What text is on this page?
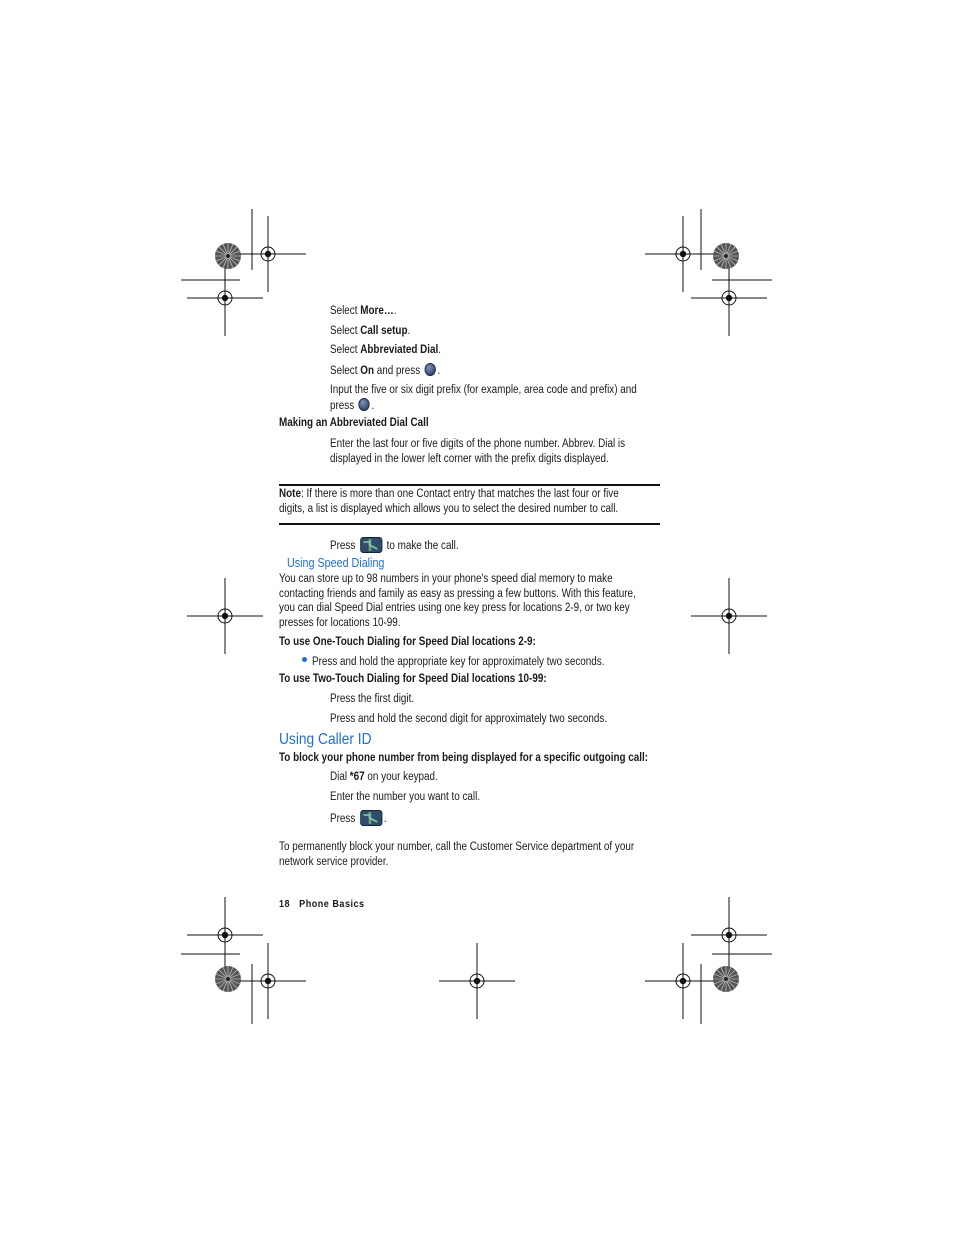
Select More….
Select Call setup.
Select Abbreviated Dial.
Select On and press .
Input the five or six digit prefix (for example, area code and prefix) and
press .
Making an Abbreviated Dial Call
Enter the last four or five digits of the phone number. Abbrev. Dial is
displayed in the lower left corner with the prefix digits displayed.
Note: If there is more than one Contact entry that matches the last four or five
digits, a list is displayed which allows you to select the desired number to call.
Press  to make the call.
Using Speed Dialing
You can store up to 98 numbers in your phone's speed dial memory to make
contacting friends and family as easy as pressing a few buttons. With this feature,
you can dial Speed Dial entries using one key press for locations 2-9, or two key
presses for locations 10-99.
To use One-Touch Dialing for Speed Dial locations 2-9:
Press and hold the appropriate key for approximately two seconds.
To use Two-Touch Dialing for Speed Dial locations 10-99:
Press the first digit.
Press and hold the second digit for approximately two seconds.
Using Caller ID
To block your phone number from being displayed for a specific outgoing call:
Dial *67 on your keypad.
Enter the number you want to call.
Press .
To permanently block your number, call the Customer Service department of your
network service provider.
18 Phone Basics
